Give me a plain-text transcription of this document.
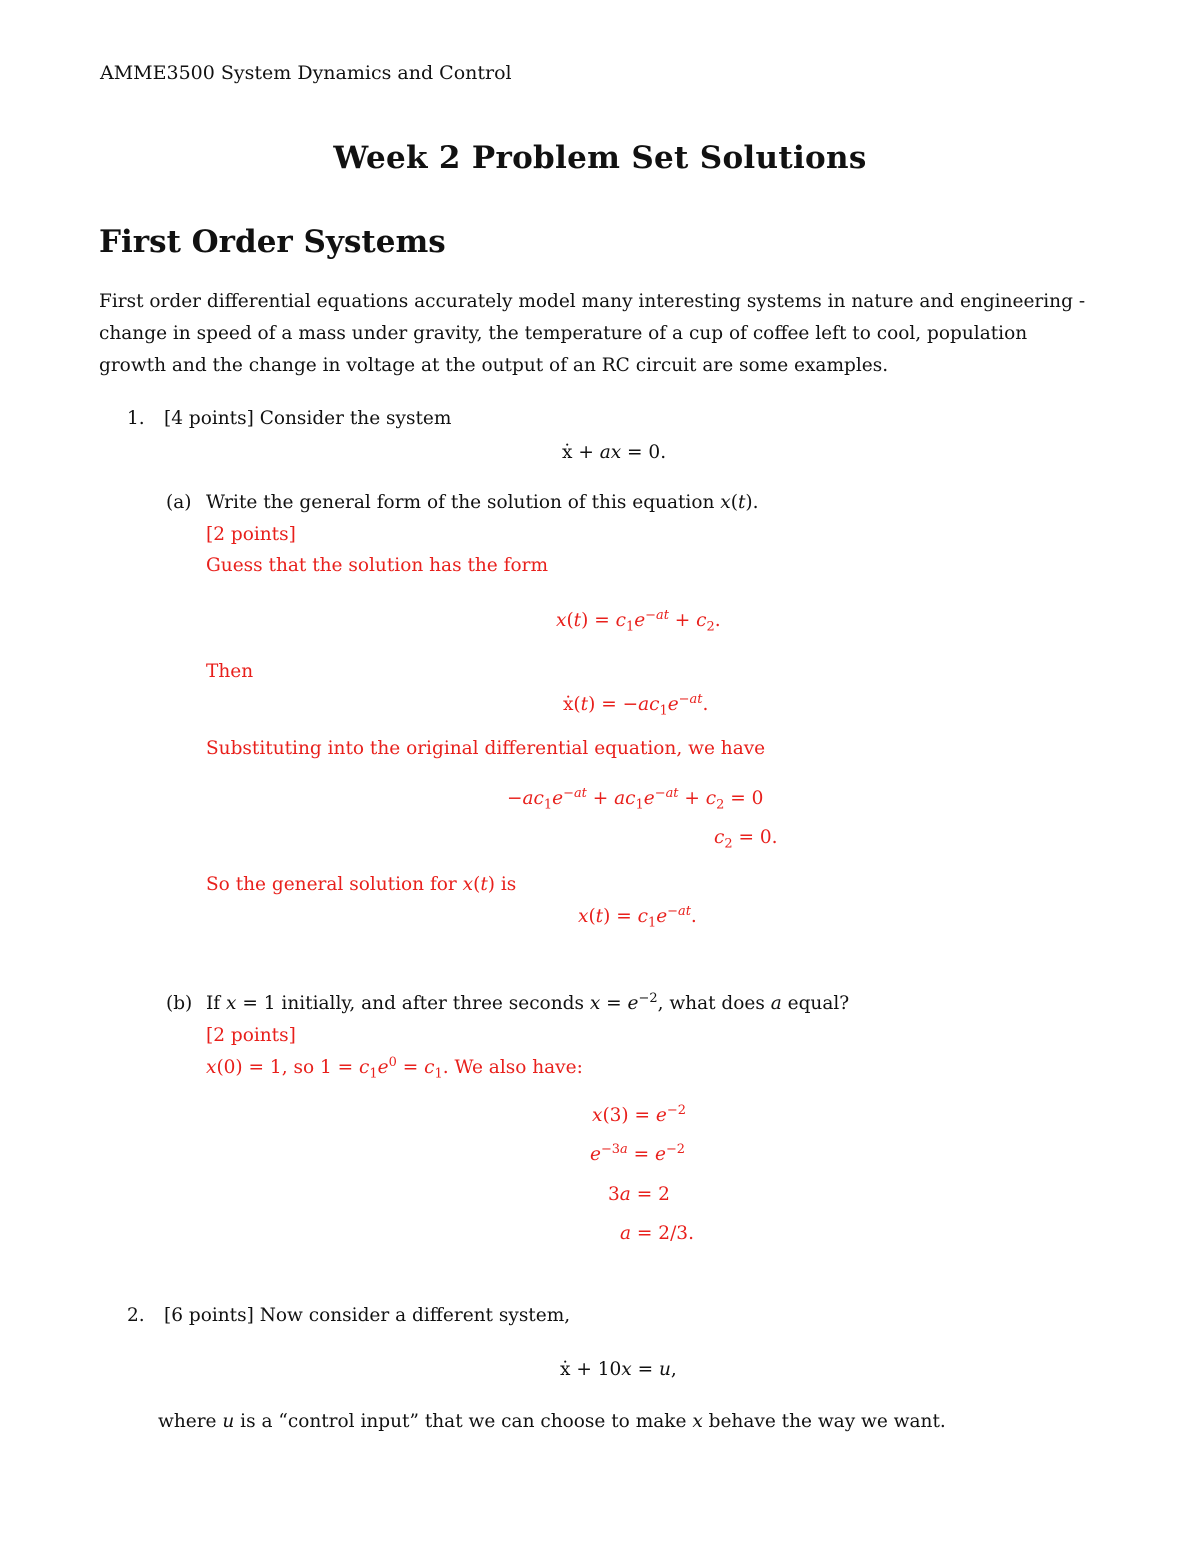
AMME3500 System Dynamics and Control
Week 2 Problem Set Solutions
First Order Systems
First order differential equations accurately model many interesting systems in nature and engineering - change in speed of a mass under gravity, the temperature of a cup of coffee left to cool, population growth and the change in voltage at the output of an RC circuit are some examples.
1. [4 points] Consider the system
ẋ + ax = 0.
(a) Write the general form of the solution of this equation x(t).
[2 points]
Guess that the solution has the form
$x(t) = c_1e^{-at} + c_2$.
Then
ẋ(t) = $-ac_1e^{-at}$.
Substituting into the original differential equation, we have
$-ac_1e^{-at} + ac_1e^{-at} + c_2 = 0$
$c_2 = 0$.
So the general solution for x(t) is
$x(t) = c_1e^{-at}$.
(b) If x = 1 initially, and after three seconds $x = e^{-2}$, what does a equal?
[2 points]
x(0) = 1, so $1 = c_1e^0 = c_1$. We also have:
$x(3) = e^{-2}$
$e^{-3a} = e^{-2}$
3a = 2
a = 2/3.
2. [6 points] Now consider a different system,
ẋ + 10x = u,
where u is a “control input” that we can choose to make x behave the way we want.
